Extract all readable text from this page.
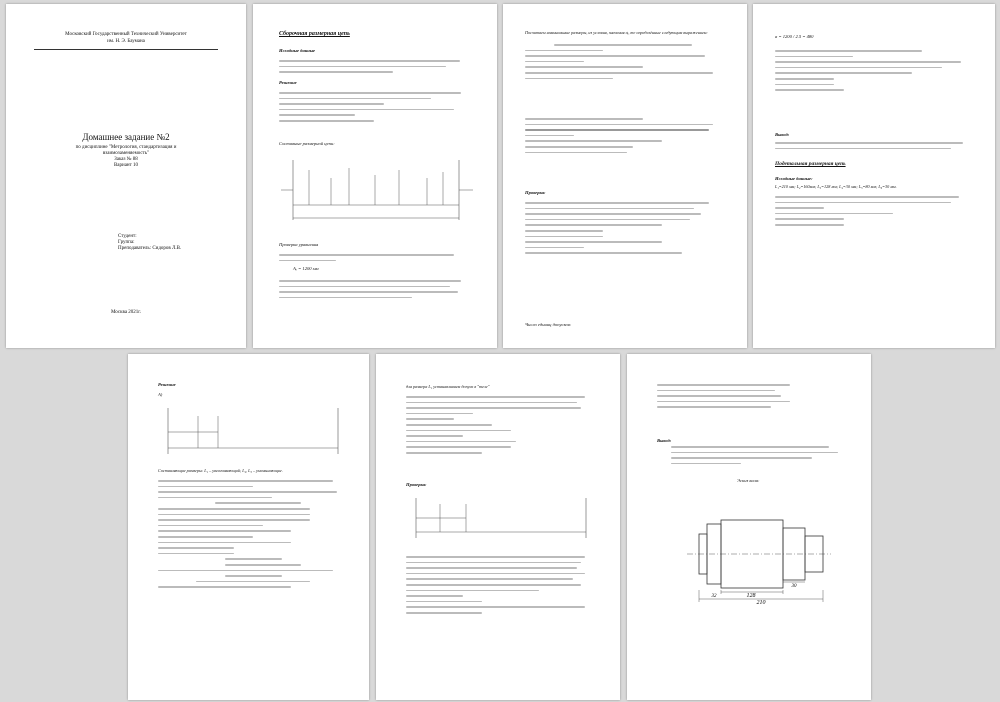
Московский Государственный Технический Университет
им. Н. Э. Баумана
Домашнее задание №2
по дисциплине "Метрология, стандартизация и
взаимозаменяемость"
Заказ № 88
Вариант 10
Студент:
Группа:
Преподаватель: Сидоров Л.В.
Москва 2021г.
Сборочная размерная цепь
Исходные данные
Решение
Составные размерной цепи:
Проверка уравнения
Аₑ = 1200 мм
Посчитаем номинальные размеры, из условия, значения σᵢ, те определённые следующим выражением:
Проверка:
Число единиц допусков:
a = 1200 / 2.5 = 480
Вывод:
Подетальная размерная цепь
Исходные данные:
L₁=210 мм; L₂=160мм; L₃=128 мм; L₄=30 мм; L₅=80 мм; L₆=30 мм.
Решение
А)
Составляющие размеры: L₁ – увеличивающий; L₂, L₃ – уменьшающие.
для размера L₁ устанавливаем допуск в "теле"
Проверка:
Вывод:
Эскиз вала:
128
210
30
32
